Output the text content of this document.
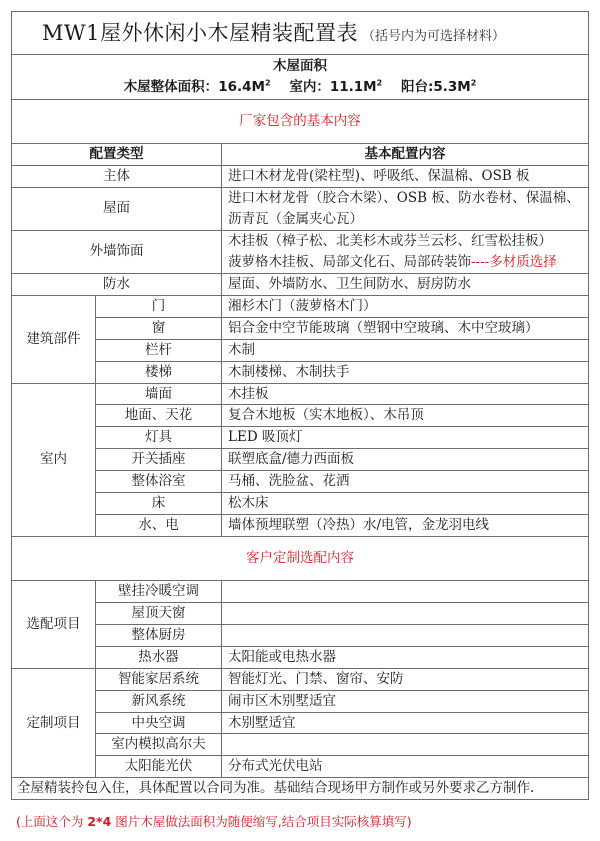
MW1屋外休闲小木屋精装配置表 （括号内为可选择材料）		

木屋面积
木屋整体面积：$16.4M^2$ 室内：$11.1M^2$ 阳台$:5.3M^2$

厂家包含的基本内容		
配置类型		基本配置内容
主体		进口木材龙骨(梁柱型)、呼吸纸、保温棉、OSB 板
屋面		进口木材龙骨（胶合木梁）、OSB 板、防水卷材、保温棉、
沥青瓦（金属夹心瓦）

外墙饰面		木挂板（樟子松、北美杉木或芬兰云杉、红雪松挂板）
菠萝格木挂板、局部文化石、局部砖装饰----多材质选择

防水		屋面、外墙防水、卫生间防水、厨房防水
建筑部件	门	湘杉木门（菠萝格木门）
	窗	铝合金中空节能玻璃（塑钢中空玻璃、木中空玻璃）
	栏杆	木制
	楼梯	木制楼梯、木制扶手
室内	墙面	木挂板
	地面、天花	复合木地板（实木地板）、木吊顶
	灯具	LED 吸顶灯
	开关插座	联塑底盒/德力西面板
	整体浴室	马桶、洗脸盆、花洒
	床	松木床
	水、电	墙体预埋联塑（冷热）水/电管，金龙羽电线
客户定制选配内容		
选配项目	壁挂冷暖空调	
	屋顶天窗	
	整体厨房	
	热水器	太阳能或电热水器
定制项目	智能家居系统	智能灯光、门禁、窗帘、安防
	新风系统	闹市区木别墅适宜
	中央空调	木别墅适宜
	室内模拟高尔夫	
	太阳能光伏	分布式光伏电站
全屋精装拎包入住，具体配置以合同为准。基础结合现场甲方制作或另外要求乙方制作.		
(上面这个为 2*4 图片木屋做法面积为随便缩写,结合项目实际核算填写)
